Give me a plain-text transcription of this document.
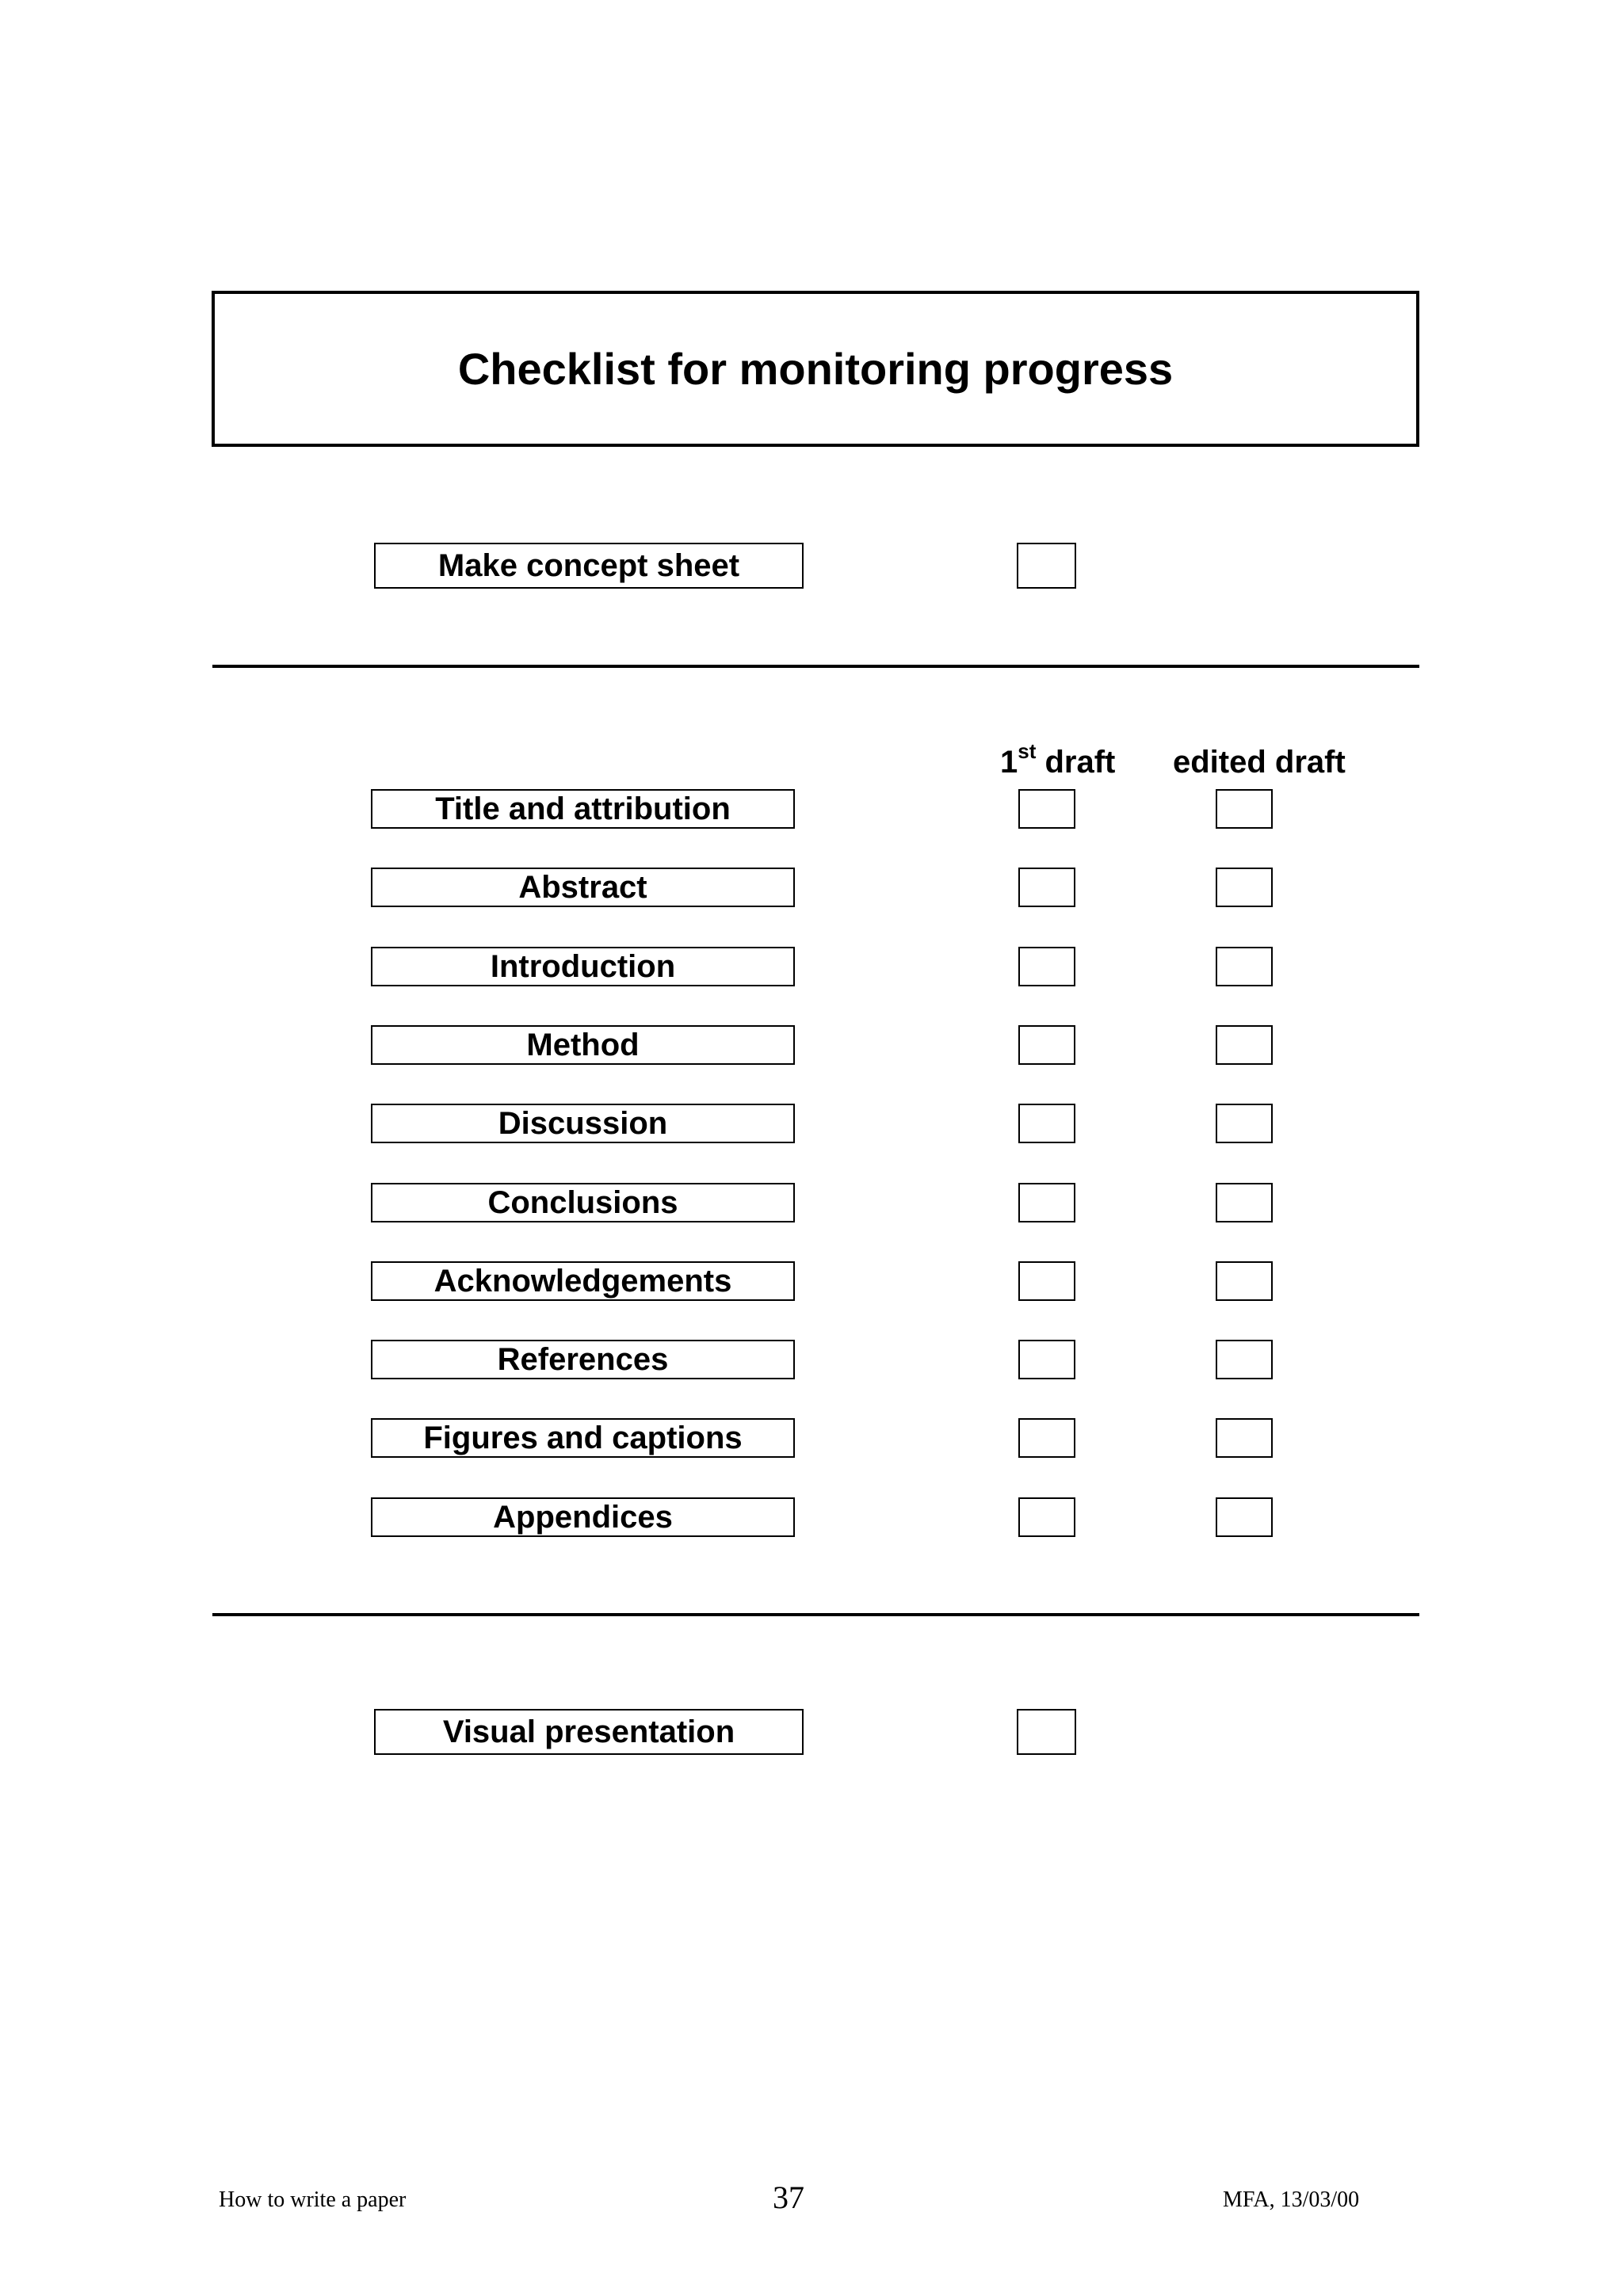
Checklist for monitoring progress
Make concept sheet
1st draft edited draft
Title and attribution
Abstract
Introduction
Method
Discussion
Conclusions
Acknowledgements
References
Figures and captions
Appendices
Visual presentation
How to write a paper	37	MFA, 13/03/00
